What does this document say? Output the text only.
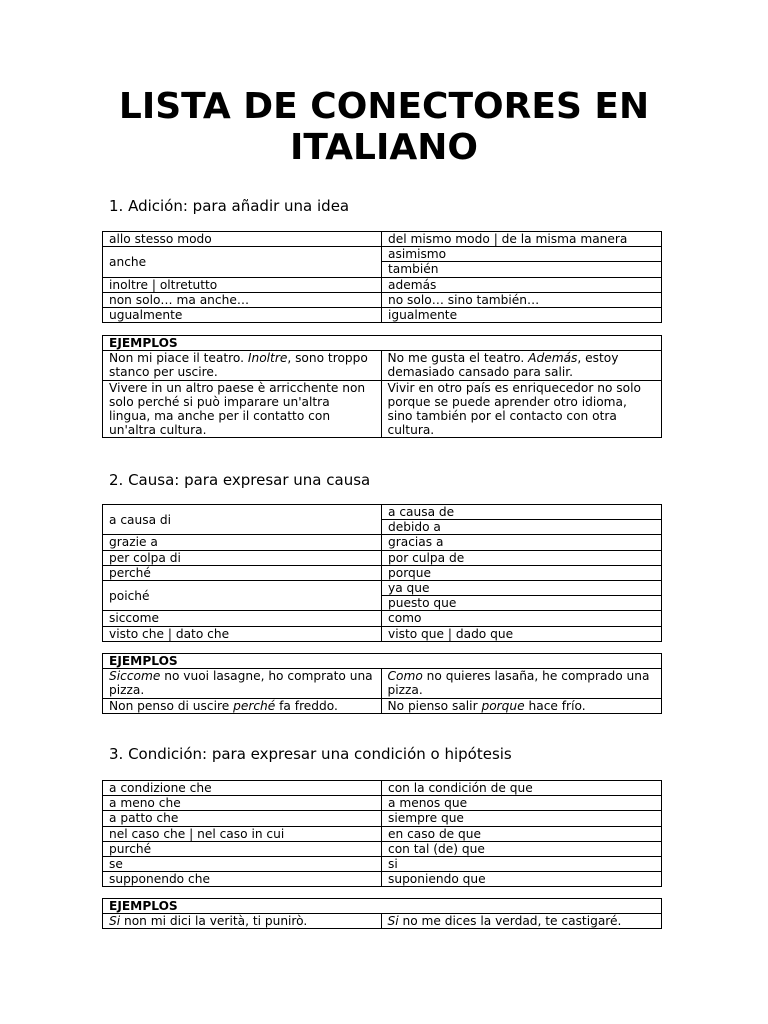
LISTA DE CONECTORES EN
ITALIANO
1. Adición: para añadir una idea
allo stesso modo	del mismo modo | de la misma manera
anche	asimismo
	también
inoltre | oltretutto	además
non solo… ma anche…	no solo… sino también…
ugualmente	igualmente
EJEMPLOS	
Non mi piace il teatro. Inoltre, sono troppo stanco per uscire.	No me gusta el teatro. Además, estoy demasiado cansado para salir.
Vivere in un altro paese è arricchente non solo perché si può imparare un'altra lingua, ma anche per il contatto con un'altra cultura.	Vivir en otro país es enriquecedor no solo porque se puede aprender otro idioma, sino también por el contacto con otra cultura.
2. Causa: para expresar una causa
a causa di	a causa de
	debido a
grazie a	gracias a
per colpa di	por culpa de
perché	porque
poiché	ya que
	puesto que
siccome	como
visto che | dato che	visto que | dado que
EJEMPLOS	
Siccome no vuoi lasagne, ho comprato una pizza.	Como no quieres lasaña, he comprado una pizza.
Non penso di uscire perché fa freddo.	No pienso salir porque hace frío.
3. Condición: para expresar una condición o hipótesis
a condizione che	con la condición de que
a meno che	a menos que
a patto che	siempre que
nel caso che | nel caso in cui	en caso de que
purché	con tal (de) que
se	si
supponendo che	suponiendo que
EJEMPLOS	
Si non mi dici la verità, ti punirò.	Si no me dices la verdad, te castigaré.
